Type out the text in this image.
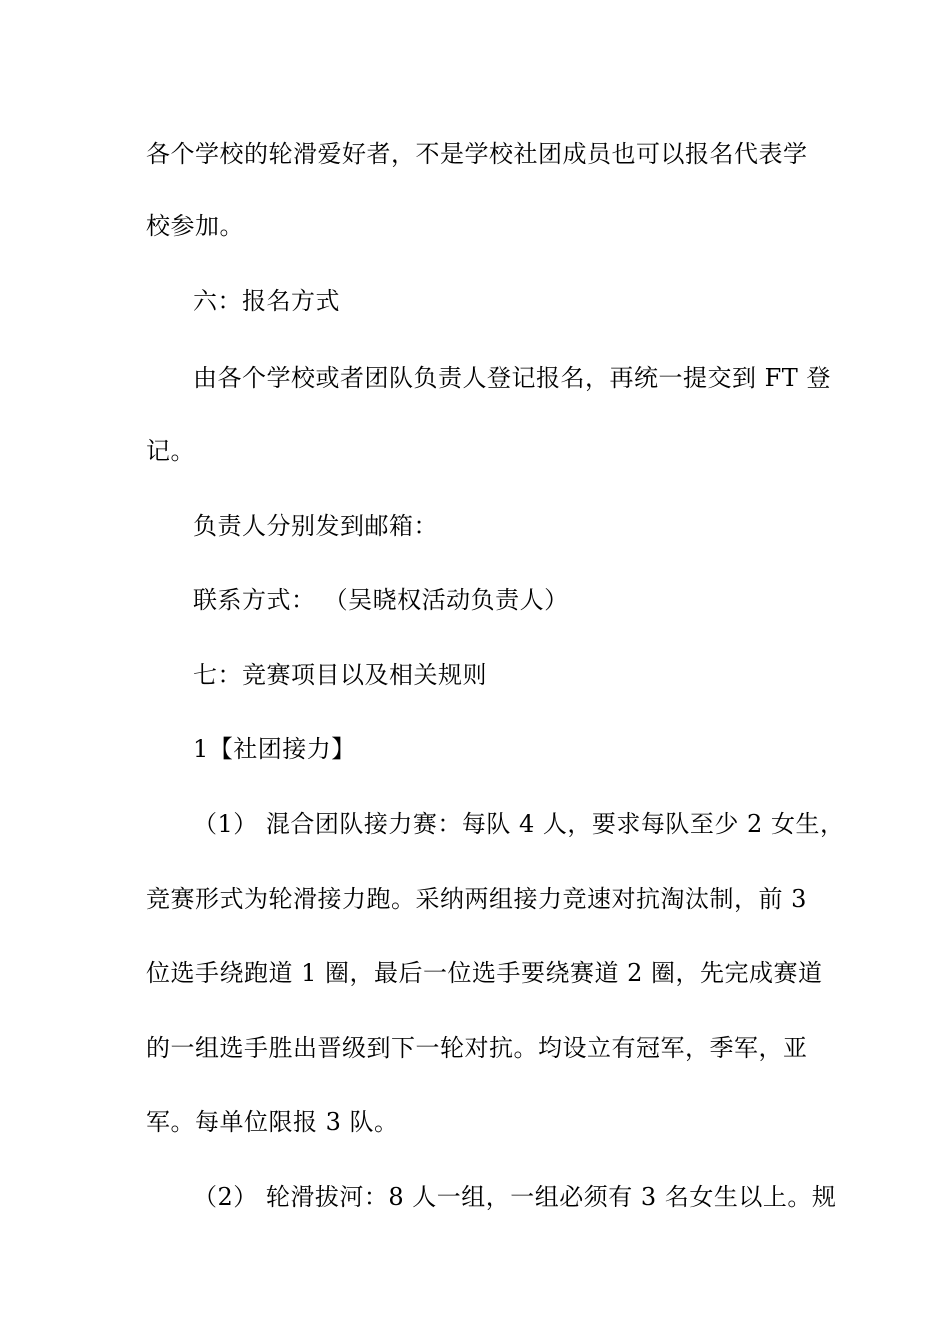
各个学校的轮滑爱好者，不是学校社团成员也可以报名代表学
校参加。
六：报名方式
由各个学校或者团队负责人登记报名，再统一提交到 FT 登
记。
负责人分别发到邮箱：
联系方式： （吴晓权活动负责人）
七：竞赛项目以及相关规则
1【社团接力】
（1） 混合团队接力赛：每队 4 人，要求每队至少 2 女生，
竞赛形式为轮滑接力跑。采纳两组接力竞速对抗淘汰制，前 3
位选手绕跑道 1 圈，最后一位选手要绕赛道 2 圈，先完成赛道
的一组选手胜出晋级到下一轮对抗。均设立有冠军，季军，亚
军。每单位限报 3 队。
（2） 轮滑拔河：8 人一组，一组必须有 3 名女生以上。规
